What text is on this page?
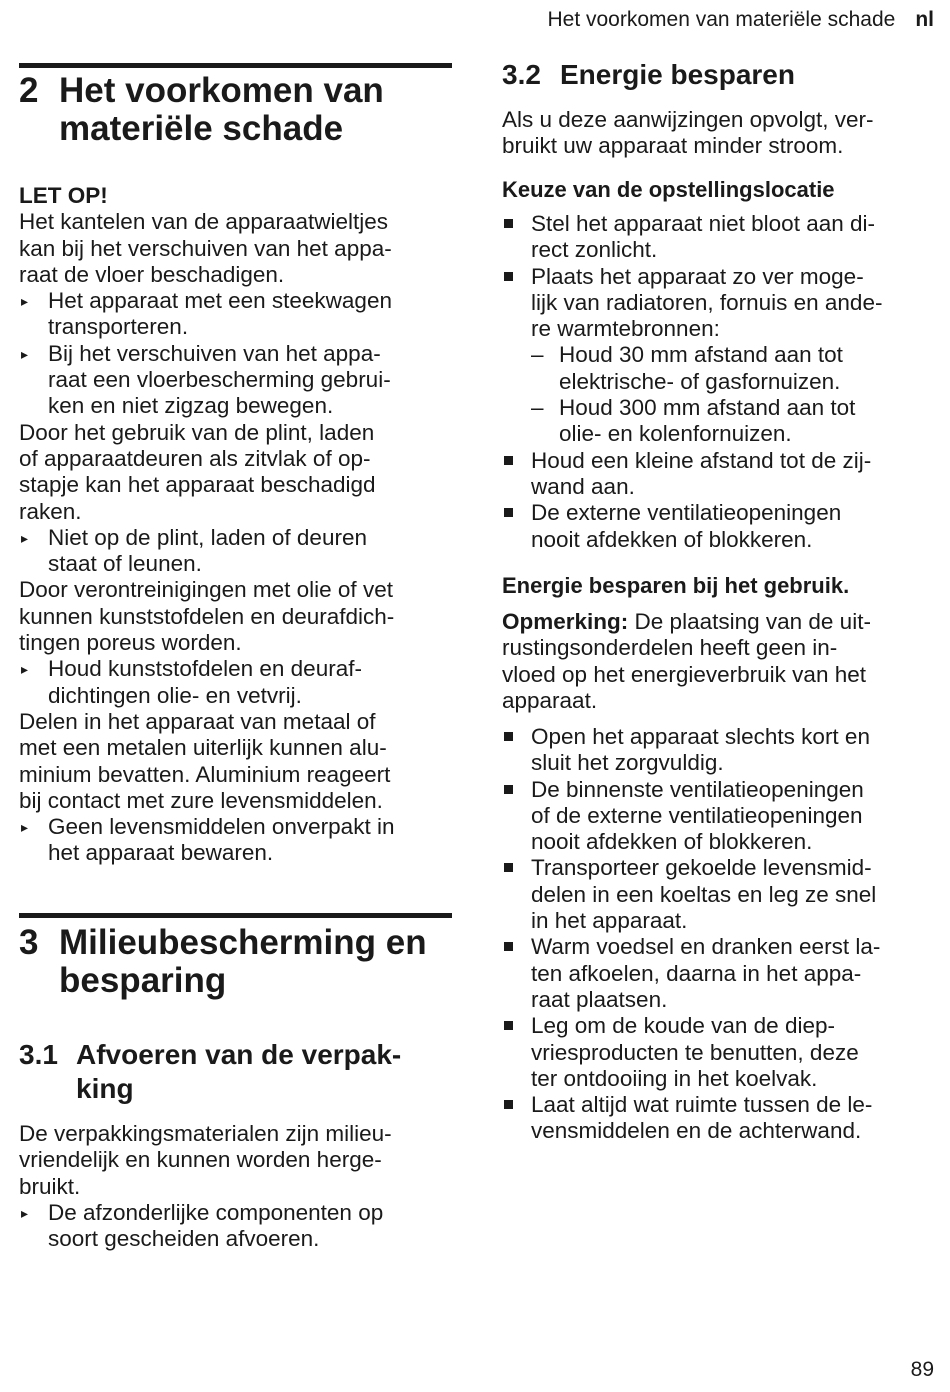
Het voorkomen van materiële schade nl
2 Het voorkomen van
materiële schade
LET OP!
Het kantelen van de apparaatwieltjes
kan bij het verschuiven van het appa-
raat de vloer beschadigen.
▸ Het apparaat met een steekwagen
transporteren.
▸ Bij het verschuiven van het appa-
raat een vloerbescherming gebrui-
ken en niet zigzag bewegen.
Door het gebruik van de plint, laden
of apparaatdeuren als zitvlak of op-
stapje kan het apparaat beschadigd
raken.
▸ Niet op de plint, laden of deuren
staat of leunen.
Door verontreinigingen met olie of vet
kunnen kunststofdelen en deurafdich-
tingen poreus worden.
▸ Houd kunststofdelen en deuraf-
dichtingen olie- en vetvrij.
Delen in het apparaat van metaal of
met een metalen uiterlijk kunnen alu-
minium bevatten. Aluminium reageert
bij contact met zure levensmiddelen.
▸ Geen levensmiddelen onverpakt in
het apparaat bewaren.
3 Milieubescherming en
besparing
3.1 Afvoeren van de verpak-
king
De verpakkingsmaterialen zijn milieu-
vriendelijk en kunnen worden herge-
bruikt.
▸ De afzonderlijke componenten op
soort gescheiden afvoeren.
3.2 Energie besparen
Als u deze aanwijzingen opvolgt, ver-
bruikt uw apparaat minder stroom.
Keuze van de opstellingslocatie
Stel het apparaat niet bloot aan di-
rect zonlicht.
Plaats het apparaat zo ver moge-
lijk van radiatoren, fornuis en ande-
re warmtebronnen:
– Houd 30 mm afstand aan tot
elektrische- of gasfornuizen.
– Houd 300 mm afstand aan tot
olie- en kolenfornuizen.
Houd een kleine afstand tot de zij-
wand aan.
De externe ventilatieopeningen
nooit afdekken of blokkeren.
Energie besparen bij het gebruik.
Opmerking: De plaatsing van de uit-
rustingsonderdelen heeft geen in-
vloed op het energieverbruik van het
apparaat.
Open het apparaat slechts kort en
sluit het zorgvuldig.
De binnenste ventilatieopeningen
of de externe ventilatieopeningen
nooit afdekken of blokkeren.
Transporteer gekoelde levensmid-
delen in een koeltas en leg ze snel
in het apparaat.
Warm voedsel en dranken eerst la-
ten afkoelen, daarna in het appa-
raat plaatsen.
Leg om de koude van de diep-
vriesproducten te benutten, deze
ter ontdooiing in het koelvak.
Laat altijd wat ruimte tussen de le-
vensmiddelen en de achterwand.
89
